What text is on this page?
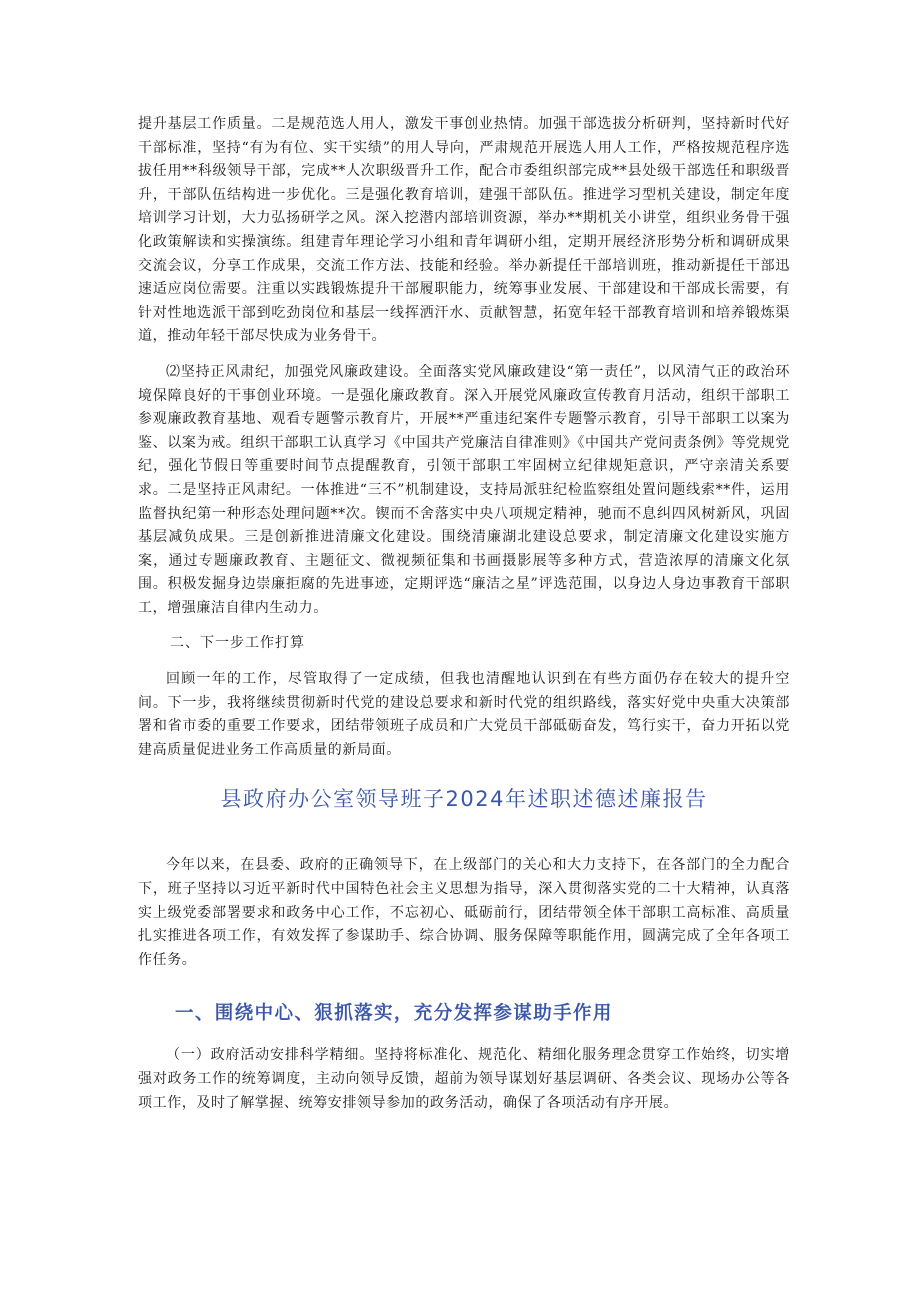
提升基层工作质量。二是规范选人用人，激发干事创业热情。加强干部选拔分析研判，坚持新时代好干部标准，坚持“有为有位、实干实绩”的用人导向，严肃规范开展选人用人工作，严格按规范程序选拔任用**科级领导干部，完成**人次职级晋升工作，配合市委组织部完成**县处级干部选任和职级晋升，干部队伍结构进一步优化。三是强化教育培训，建强干部队伍。推进学习型机关建设，制定年度培训学习计划，大力弘扬研学之风。深入挖潜内部培训资源，举办**期机关小讲堂，组织业务骨干强化政策解读和实操演练。组建青年理论学习小组和青年调研小组，定期开展经济形势分析和调研成果交流会议，分享工作成果，交流工作方法、技能和经验。举办新提任干部培训班，推动新提任干部迅速适应岗位需要。注重以实践锻炼提升干部履职能力，统筹事业发展、干部建设和干部成长需要，有针对性地选派干部到吃劲岗位和基层一线挥洒汗水、贡献智慧，拓宽年轻干部教育培训和培养锻炼渠道，推动年轻干部尽快成为业务骨干。

⑵坚持正风肃纪，加强党风廉政建设。全面落实党风廉政建设“第一责任”，以风清气正的政治环境保障良好的干事创业环境。一是强化廉政教育。深入开展党风廉政宣传教育月活动，组织干部职工参观廉政教育基地、观看专题警示教育片，开展**严重违纪案件专题警示教育，引导干部职工以案为鉴、以案为戒。组织干部职工认真学习《中国共产党廉洁自律准则》《中国共产党问责条例》等党规党纪，强化节假日等重要时间节点提醒教育，引领干部职工牢固树立纪律规矩意识，严守亲清关系要求。二是坚持正风肃纪。一体推进“三不”机制建设，支持局派驻纪检监察组处置问题线索**件，运用监督执纪第一种形态处理问题**次。锲而不舍落实中央八项规定精神，驰而不息纠四风树新风，巩固基层减负成果。三是创新推进清廉文化建设。围绕清廉湖北建设总要求，制定清廉文化建设实施方案，通过专题廉政教育、主题征文、微视频征集和书画摄影展等多种方式，营造浓厚的清廉文化氛围。积极发掘身边崇廉拒腐的先进事迹，定期评选“廉洁之星”评选范围，以身边人身边事教育干部职工，增强廉洁自律内生动力。

二、下一步工作打算

回顾一年的工作，尽管取得了一定成绩，但我也清醒地认识到在有些方面仍存在较大的提升空间。下一步，我将继续贯彻新时代党的建设总要求和新时代党的组织路线，落实好党中央重大决策部署和省市委的重要工作要求，团结带领班子成员和广大党员干部砥砺奋发，笃行实干，奋力开拓以党建高质量促进业务工作高质量的新局面。

县政府办公室领导班子2024年述职述德述廉报告

今年以来，在县委、政府的正确领导下，在上级部门的关心和大力支持下，在各部门的全力配合下，班子坚持以习近平新时代中国特色社会主义思想为指导，深入贯彻落实党的二十大精神，认真落实上级党委部署要求和政务中心工作，不忘初心、砥砺前行，团结带领全体干部职工高标准、高质量扎实推进各项工作，有效发挥了参谋助手、综合协调、服务保障等职能作用，圆满完成了全年各项工作任务。

一、围绕中心、狠抓落实，充分发挥参谋助手作用

（一）政府活动安排科学精细。坚持将标准化、规范化、精细化服务理念贯穿工作始终，切实增强对政务工作的统筹调度，主动向领导反馈，超前为领导谋划好基层调研、各类会议、现场办公等各项工作，及时了解掌握、统筹安排领导参加的政务活动，确保了各项活动有序开展。
